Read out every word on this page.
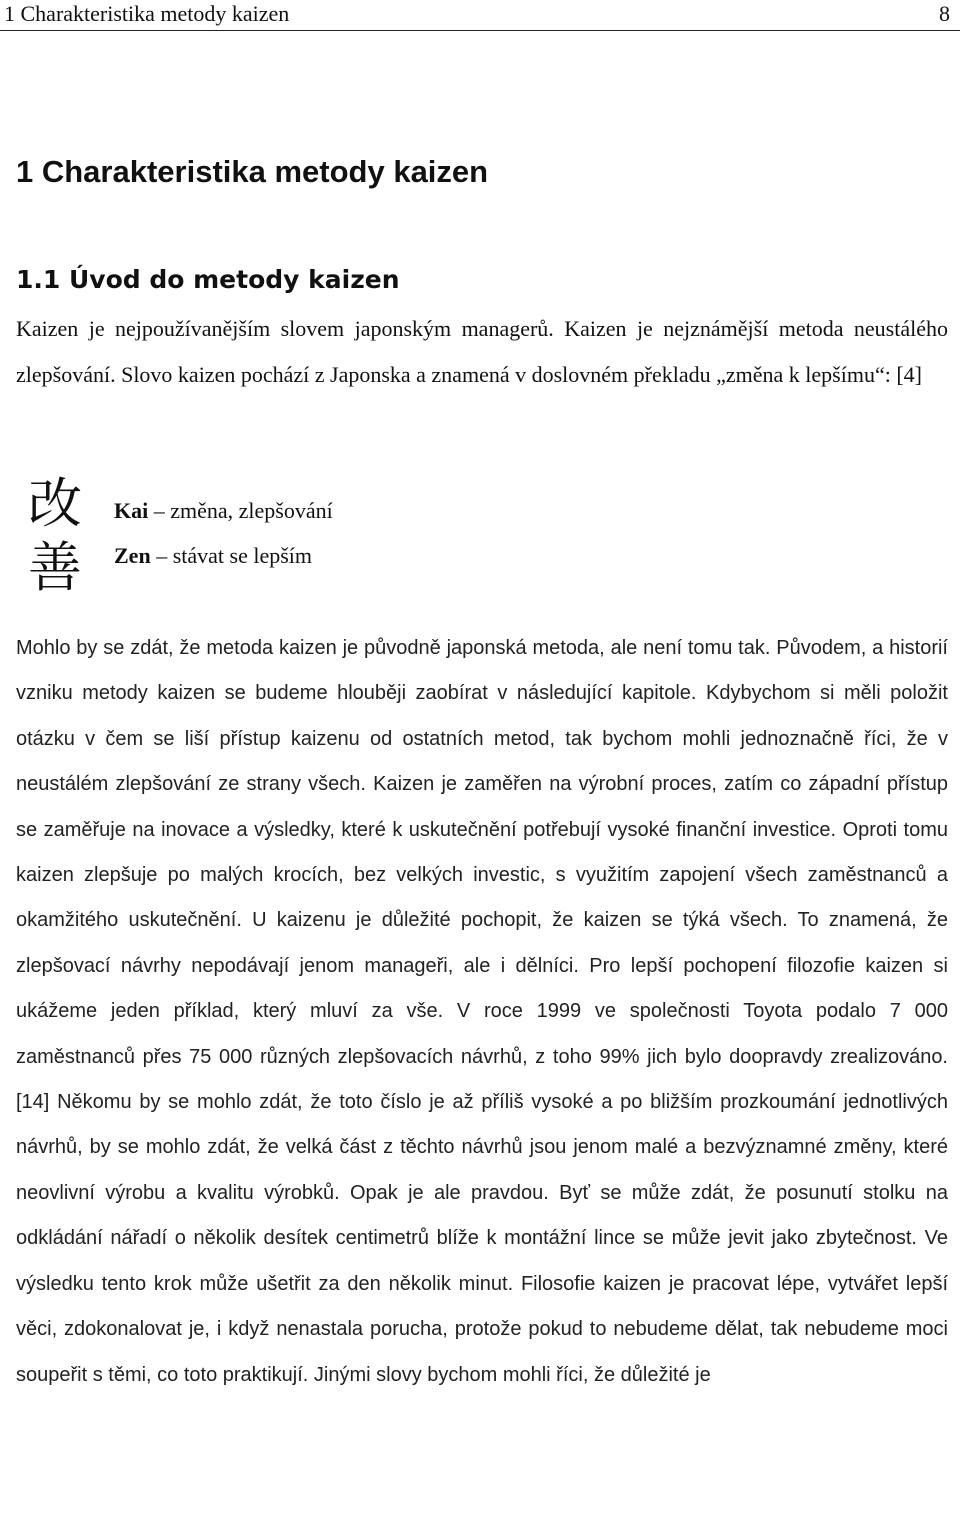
1 Charakteristika metody kaizen	8
1 Charakteristika metody kaizen
1.1 Úvod do metody kaizen

Kaizen je nejpoužívanějším slovem japonským managerů. Kaizen je nejznámější metoda neustálého zlepšování. Slovo kaizen pochází z Japonska a znamená v doslovném překladu „změna k lepšímu“: [4]

改
善
Kai – změna, zlepšování
Zen – stávat se lepším

Mohlo by se zdát, že metoda kaizen je původně japonská metoda, ale není tomu tak. Původem, a historií vzniku metody kaizen se budeme hlouběji zaobírat v následující kapitole. Kdybychom si měli položit otázku v čem se liší přístup kaizenu od ostatních metod, tak bychom mohli jednoznačně říci, že v neustálém zlepšování ze strany všech. Kaizen je zaměřen na výrobní proces, zatím co západní přístup se zaměřuje na inovace a výsledky, které k uskutečnění potřebují vysoké finanční investice. Oproti tomu kaizen zlepšuje po malých krocích, bez velkých investic, s využitím zapojení všech zaměstnanců a okamžitého uskutečnění. U kaizenu je důležité pochopit, že kaizen se týká všech. To znamená, že zlepšovací návrhy nepodávají jenom manageři, ale i dělníci. Pro lepší pochopení filozofie kaizen si ukážeme jeden příklad, který mluví za vše. V roce 1999 ve společnosti Toyota podalo 7 000 zaměstnanců přes 75 000 různých zlepšovacích návrhů, z toho 99% jich bylo doopravdy zrealizováno.[14] Někomu by se mohlo zdát, že toto číslo je až příliš vysoké a po bližším prozkoumání jednotlivých návrhů, by se mohlo zdát, že velká část z těchto návrhů jsou jenom malé a bezvýznamné změny, které neovlivní výrobu a kvalitu výrobků. Opak je ale pravdou. Byť se může zdát, že posunutí stolku na odkládání nářadí o několik desítek centimetrů blíže k montážní lince se může jevit jako zbytečnost. Ve výsledku tento krok může ušetřit za den několik minut. Filosofie kaizen je pracovat lépe, vytvářet lepší věci, zdokonalovat je, i když nenastala porucha, protože pokud to nebudeme dělat, tak nebudeme moci soupeřit s těmi, co toto praktikují. Jinými slovy bychom mohli říci, že důležité je
